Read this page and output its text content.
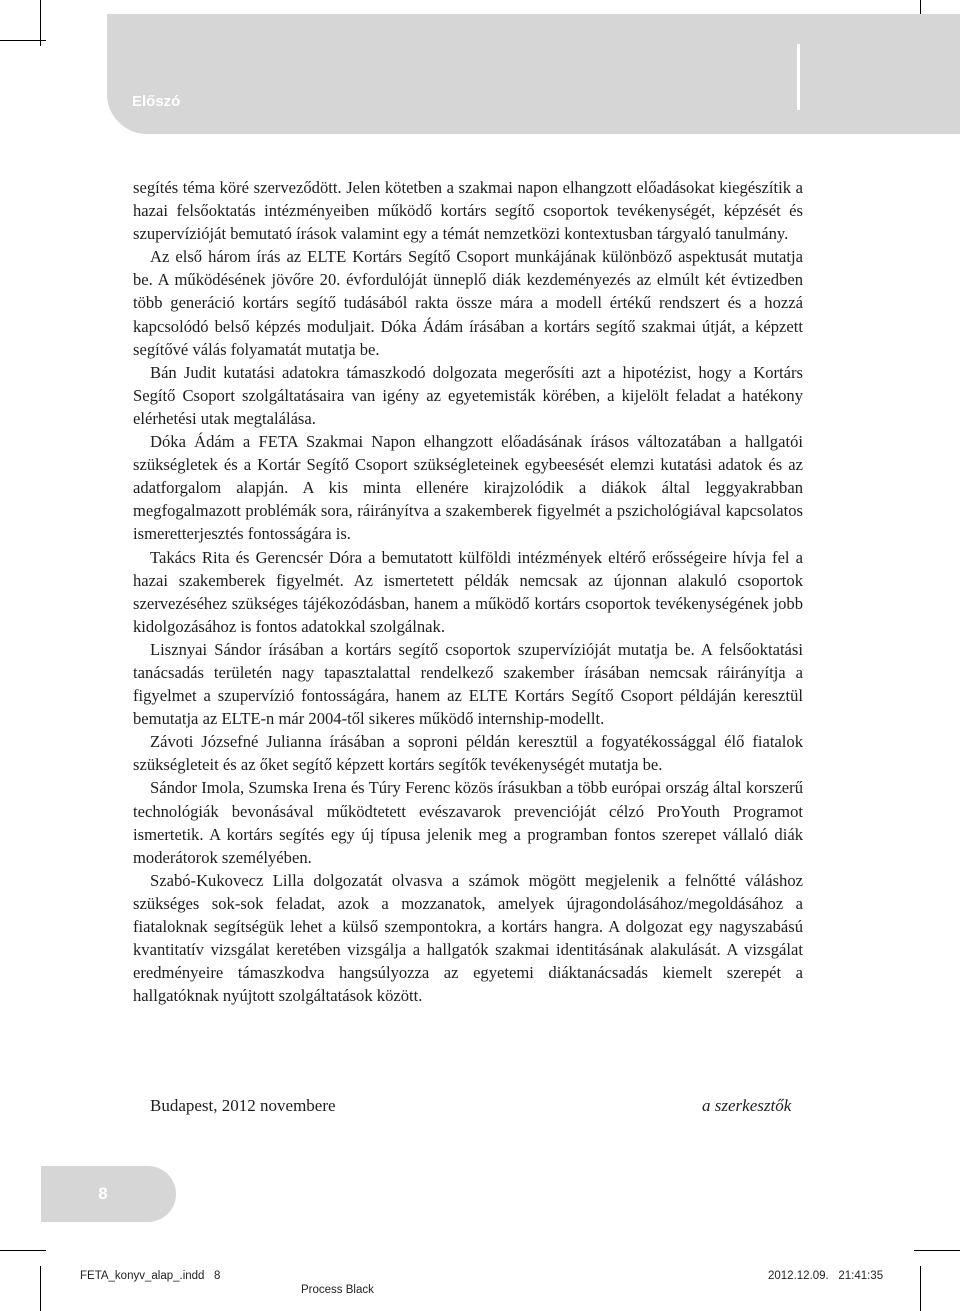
Előszó

segítés téma köré szerveződött. Jelen kötetben a szakmai napon elhangzott előadásokat kiegészítik a hazai felsőoktatás intézményeiben működő kortárs segítő csoportok tevékenységét, képzését és szupervízióját bemutató írások valamint egy a témát nemzetközi kontextusban tárgyaló tanulmány.

Az első három írás az ELTE Kortárs Segítő Csoport munkájának különböző aspektusát mutatja be. A működésének jövőre 20. évfordulóját ünneplő diák kezdeményezés az elmúlt két évtizedben több generáció kortárs segítő tudásából rakta össze mára a modell értékű rendszert és a hozzá kapcsolódó belső képzés moduljait. Dóka Ádám írásában a kortárs segítő szakmai útját, a képzett segítővé válás folyamatát mutatja be.

Bán Judit kutatási adatokra támaszkodó dolgozata megerősíti azt a hipotézist, hogy a Kortárs Segítő Csoport szolgáltatásaira van igény az egyetemisták körében, a kijelölt feladat a hatékony elérhetési utak megtalálása.

Dóka Ádám a FETA Szakmai Napon elhangzott előadásának írásos változatában a hallgatói szükségletek és a Kortár Segítő Csoport szükségleteinek egybeesését elemzi kutatási adatok és az adatforgalom alapján. A kis minta ellenére kirajzolódik a diákok által leggyakrabban megfogalmazott problémák sora, ráirányítva a szakemberek figyelmét a pszichológiával kapcsolatos ismeretterjesztés fontosságára is.

Takács Rita és Gerencsér Dóra a bemutatott külföldi intézmények eltérő erősségeire hívja fel a hazai szakemberek figyelmét. Az ismertetett példák nemcsak az újonnan alakuló csoportok szervezéséhez szükséges tájékozódásban, hanem a működő kortárs csoportok tevékenységének jobb kidolgozásához is fontos adatokkal szolgálnak.

Lisznyai Sándor írásában a kortárs segítő csoportok szupervízióját mutatja be. A felsőoktatási tanácsadás területén nagy tapasztalattal rendelkező szakember írásában nemcsak ráirányítja a figyelmet a szupervízió fontosságára, hanem az ELTE Kortárs Segítő Csoport példáján keresztül bemutatja az ELTE-n már 2004-től sikeres működő internship-modellt.

Závoti Józsefné Julianna írásában a soproni példán keresztül a fogyatékossággal élő fiatalok szükségleteit és az őket segítő képzett kortárs segítők tevékenységét mutatja be.

Sándor Imola, Szumska Irena és Túry Ferenc közös írásukban a több európai ország által korszerű technológiák bevonásával működtetett evészavarok prevencióját célzó ProYouth Programot ismertetik. A kortárs segítés egy új típusa jelenik meg a programban fontos szerepet vállaló diák moderátorok személyében.

Szabó-Kukovecz Lilla dolgozatát olvasva a számok mögött megjelenik a felnőtté váláshoz szükséges sok-sok feladat, azok a mozzanatok, amelyek újragondolásához/megoldásához a fiataloknak segítségük lehet a külső szempontokra, a kortárs hangra. A dolgozat egy nagyszabású kvantitatív vizsgálat keretében vizsgálja a hallgatók szakmai identitásának alakulását. A vizsgálat eredményeire támaszkodva hangsúlyozza az egyetemi diáktanácsadás kiemelt szerepét a hallgatóknak nyújtott szolgáltatások között.

Budapest, 2012 novembere	a szerkesztők
8
FETA_konyv_alap_.indd   8	2012.12.09.   21:41:35
Process Black
